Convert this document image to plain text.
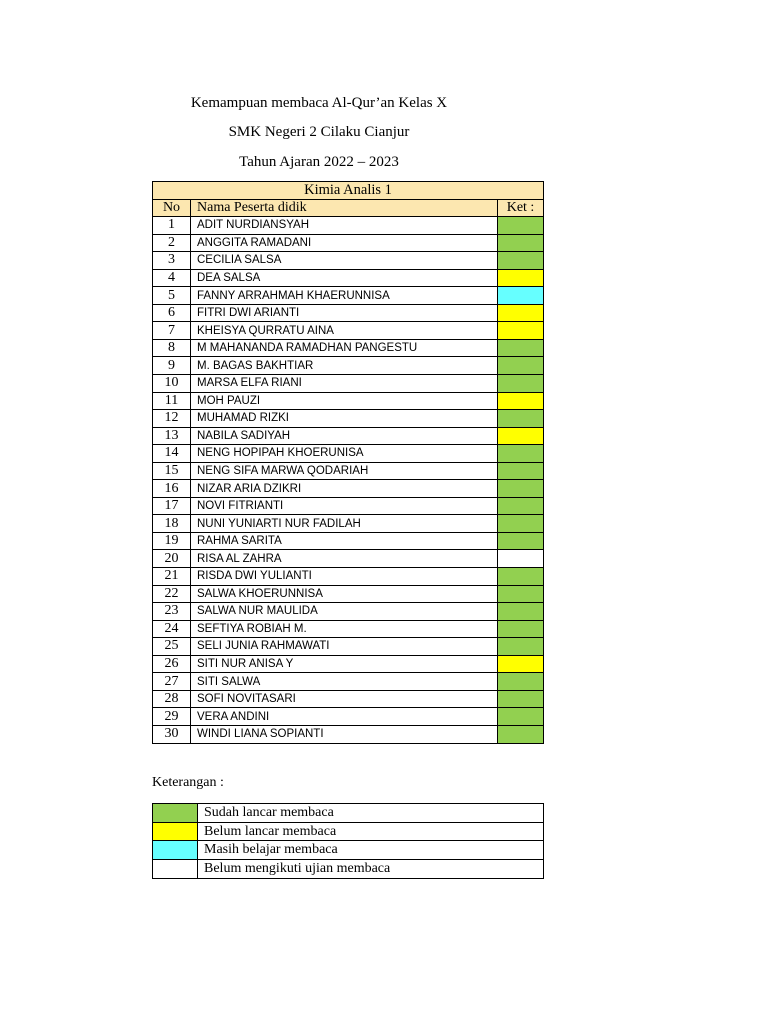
Kemampuan membaca Al-Qur’an Kelas X
SMK Negeri 2 Cilaku Cianjur
Tahun Ajaran 2022 – 2023
Kimia Analis 1		
No	Nama Peserta didik	Ket :
1	ADIT NURDIANSYAH	
2	ANGGITA RAMADANI	
3	CECILIA SALSA	
4	DEA SALSA	
5	FANNY ARRAHMAH KHAERUNNISA	
6	FITRI DWI ARIANTI	
7	KHEISYA QURRATU AINA	
8	M MAHANANDA RAMADHAN PANGESTU	
9	M. BAGAS BAKHTIAR	
10	MARSA ELFA RIANI	
11	MOH PAUZI	
12	MUHAMAD RIZKI	
13	NABILA SADIYAH	
14	NENG HOPIPAH KHOERUNISA	
15	NENG SIFA MARWA QODARIAH	
16	NIZAR ARIA DZIKRI	
17	NOVI FITRIANTI	
18	NUNI YUNIARTI NUR FADILAH	
19	RAHMA SARITA	
20	RISA AL ZAHRA	
21	RISDA DWI YULIANTI	
22	SALWA KHOERUNNISA	
23	SALWA NUR MAULIDA	
24	SEFTIYA ROBIAH M.	
25	SELI JUNIA RAHMAWATI	
26	SITI NUR ANISA Y	
27	SITI SALWA	
28	SOFI NOVITASARI	
29	VERA ANDINI	
30	WINDI LIANA SOPIANTI	
Keterangan :
	Sudah lancar membaca
	Belum lancar membaca
	Masih belajar membaca
	Belum mengikuti ujian membaca
